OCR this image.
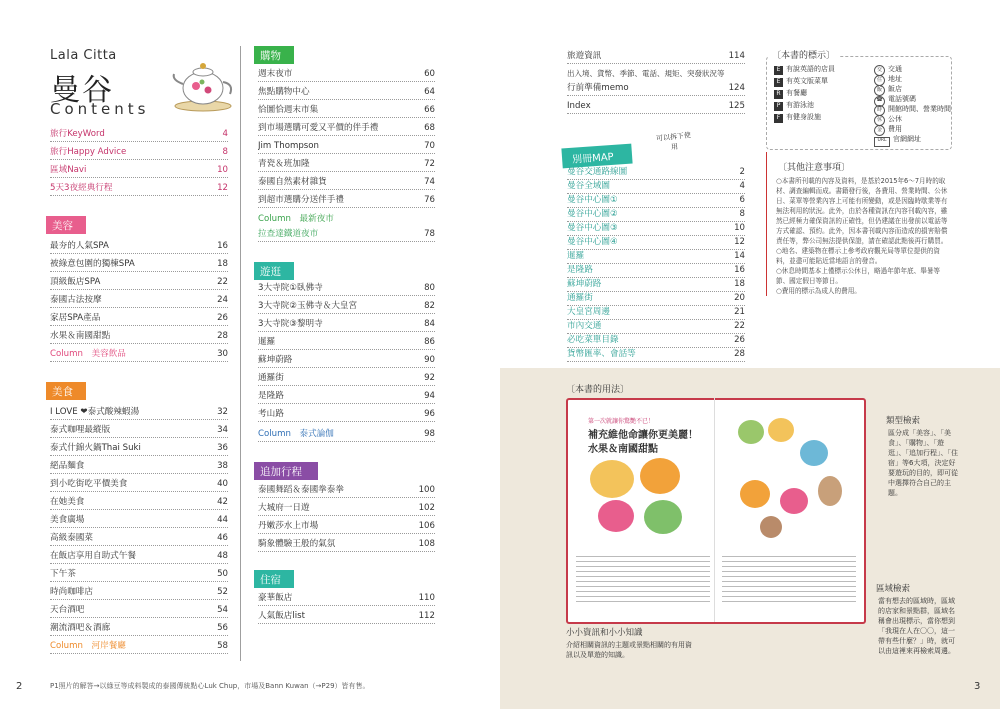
Lala Citta
曼谷
Contents
旅行KeyWord	4
旅行Happy Advice	8
區域Navi	10
5天3夜經典行程	12
美容
最夯的人氣SPA	16
被綠意包圍的獨棟SPA	18
頂級飯店SPA	22
泰國古法按摩	24
家居SPA產品	26
水果＆南國甜點	28
Column　美容飲品	30
美食
I LOVE ❤泰式酸辣蝦湯	32
泰式咖哩最縱版	34
泰式什錦火鍋Thai Suki	36
絕品麵食	38
到小吃街吃平價美食	40
在她美食	42
美食廣場	44
高級泰國菜	46
在飯店享用自助式午餐	48
下午茶	50
時尚咖啡店	52
天台酒吧	54
潮流酒吧＆酒廊	56
Column　河岸餐廳	58
購物
週末夜市	60
焦點購物中心	64
恰圖恰週末市集	66
到市場選購可愛又平價的伴手禮	68
Jim Thompson	70
青瓷＆班加隆	72
泰國自然素材雜貨	74
到超市選購分送伴手禮	76
Column　最新夜市
拉查達鐵道夜市	78
遊逛
3大寺院①臥佛寺	80
3大寺院②玉佛寺＆大皇宮	82
3大寺院③黎明寺	84
暹羅	86
蘇坤蔚路	90
通羅街	92
是隆路	94
考山路	96
Column　泰式論伽	98
追加行程
泰國舞蹈＆泰國拳泰拳	100
大城府一日遊	102
丹嫩莎水上市場	106
騎象體驗王般的氣氛	108
住宿
豪華飯店	110
人氣飯店list	112
旅遊資訊	114
出入境、貨幣、季節、電話、規矩、突發狀況等
行前準備memo	124
Index	125
別冊MAP
可以拆下使用
曼谷交通路線圖	2
曼谷全域圖	4
曼谷中心圖①	6
曼谷中心圖②	8
曼谷中心圖③	10
曼谷中心圖④	12
暹羅	14
是隆路	16
蘇坤蔚路	18
通羅街	20
大皇宮周邊	21
市內交通	22
必吃菜單目錄	26
貨幣匯率、會話等	28
〔本書的標示〕
E 有說英語的店員
E 有英文版菜單
R 有餐廳
P 有游泳池
F 有健身設施
交 交通
住 地址
飯 飯店
☎ 電話號碼
時 開館時間、營業時間
休 公休
金 費用
URL 官網網址
〔其他注意事項〕
○本書所刊載的內容及資料，是基於2015年6～7月時的取材、調查編輯而成。書籍發行後，各費用、營業時間、公休日、菜單等營業內容上可能有所變動，或是因臨時歇業等有無法利用的狀況。此外，由於各種資訊在內容刊載內容，雖然已經極力確保資訊的正確性，但仍建議在出發前以電話等方式確認、預約。此外，因本書刊載內容而造成的損害賠償責任等，弊公司無法提供保證，請在確認此點後再行購買。
○地名、建築物在標示上參考政府觀光局等單位提供的資料，並盡可能貼近當地語言的發音。
○休息時間基本上僅標示公休日，略過年節年底、舉暑等節、國定假日等節日。
○費用的標示為成人的費用。
〔本書的用法〕
第一次就讓你驚艷不已！
補充維他命讓你更美麗！
水果＆南國甜點
類型檢索
區分成「美容」、「美食」、「購物」、「遊逛」、「追加行程」、「住宿」等6大項，決定好要遊玩的目的，即可從中選擇符合自己的主題。
區域檢索
當有想去的區域時，區域的店家和景點群，區域名稱會出現標示，當你想到「我現在人在〇〇，這一帶有些什麼？」時，就可以由這裡來再檢索周邊。
小小資訊和小小知識
介紹相關資訊的主題或景點相關的有用資訊以及單遊的知識。
P1照片的解答→以綠豆等成料製成的泰國傳統點心Luk Chup，市場及Bann Kuwan（→P29）皆有售。
2	3
